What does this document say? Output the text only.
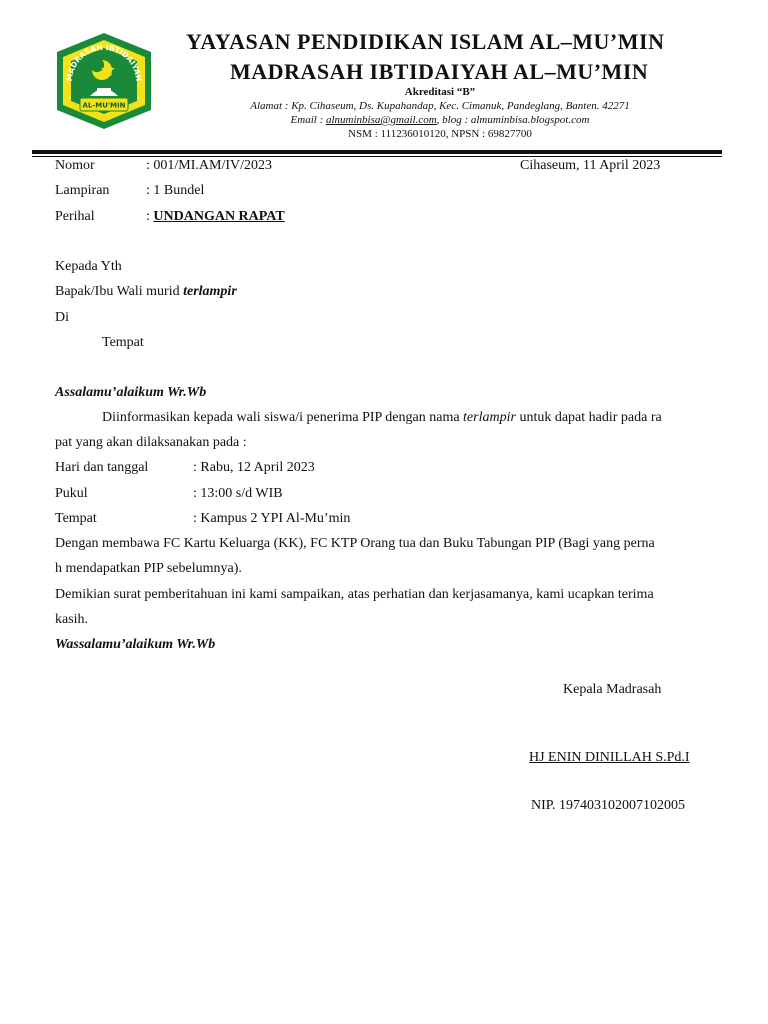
MADRASAH IBTIDAIYAH
AL-MU'MIN
YAYASAN PENDIDIKAN ISLAM AL–MU’MIN
MADRASAH IBTIDAIYAH AL–MU’MIN
Akreditasi “B”
Alamat : Kp. Cihaseum, Ds. Kupahandap, Kec. Cimanuk, Pandeglang, Banten. 42271
Email : alnuminbisa@gmail.com, blog : almuminbisa.blogspot.com
NSM : 111236010120, NPSN : 69827700
Nomor	: 001/MI.AM/IV/2023	Cihaseum, 11 April 2023
Lampiran	: 1 Bundel
Perihal	: UNDANGAN RAPAT
Kepada Yth
Bapak/Ibu Wali murid terlampir
Di
Tempat
Assalamu’alaikum Wr.Wb
Diinformasikan kepada wali siswa/i penerima PIP dengan nama terlampir untuk dapat hadir pada ra
pat yang akan dilaksanakan pada :
Hari dan tanggal	: Rabu, 12 April 2023
Pukul	: 13:00 s/d WIB
Tempat	: Kampus 2 YPI Al-Mu’min
Dengan membawa FC Kartu Keluarga (KK), FC KTP Orang tua dan Buku Tabungan PIP (Bagi yang perna
h mendapatkan PIP sebelumnya).
Demikian surat pemberitahuan ini kami sampaikan, atas perhatian dan kerjasamanya, kami ucapkan terima
kasih.
Wassalamu’alaikum Wr.Wb
Kepala Madrasah
HJ ENIN DINILLAH S.Pd.I
NIP. 197403102007102005
